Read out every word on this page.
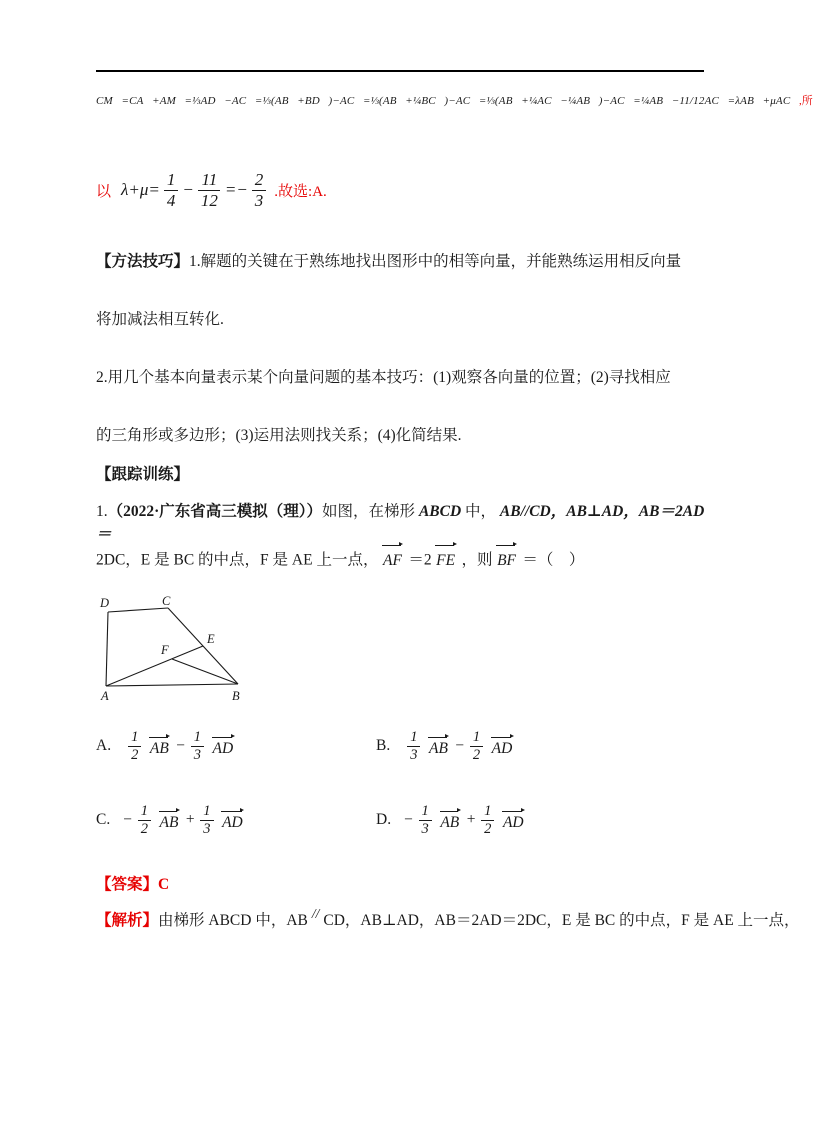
CM⃗=CA⃗+AM⃗=⅓AD⃗−AC⃗=⅓(AB⃗+BD⃗)−AC⃗=⅓(AB⃗+¼BC⃗)−AC⃗=⅓(AB⃗+¼AC⃗−¼AB⃗)−AC⃗=¼AB⃗−11/12AC⃗=λAB⃗+μAC⃗,所
以 $\lambda+\mu= \frac{1}{4} - \frac{11}{12} =- \frac{2}{3}$ .故选:A.
【方法技巧】1.解题的关键在于熟练地找出图形中的相等向量，并能熟练运用相反向量
将加减法相互转化.
2.用几个基本向量表示某个向量问题的基本技巧：(1)观察各向量的位置；(2)寻找相应
的三角形或多边形；(3)运用法则找关系；(4)化简结果.
【跟踪训练】
1.（2022·广东省高三模拟（理））如图，在梯形 ABCD 中， AB//CD，AB⊥AD，AB＝2AD＝
2DC，E 是 BC 的中点，F 是 AE 上一点， AF ＝2 FE ，则 BF ＝（　）
D	C
E
F
A	B
A. $\frac{1}{2}$ AB − $\frac{1}{3}$ AD	B. $\frac{1}{3}$ AB − $\frac{1}{2}$ AD
C. − $\frac{1}{2}$ AB + $\frac{1}{3}$ AD	D. − $\frac{1}{3}$ AB + $\frac{1}{2}$ AD
【答案】C
【解析】由梯形 ABCD 中，AB // CD，AB⊥AD，AB＝2AD＝2DC，E 是 BC 的中点，F 是 AE 上一点，
